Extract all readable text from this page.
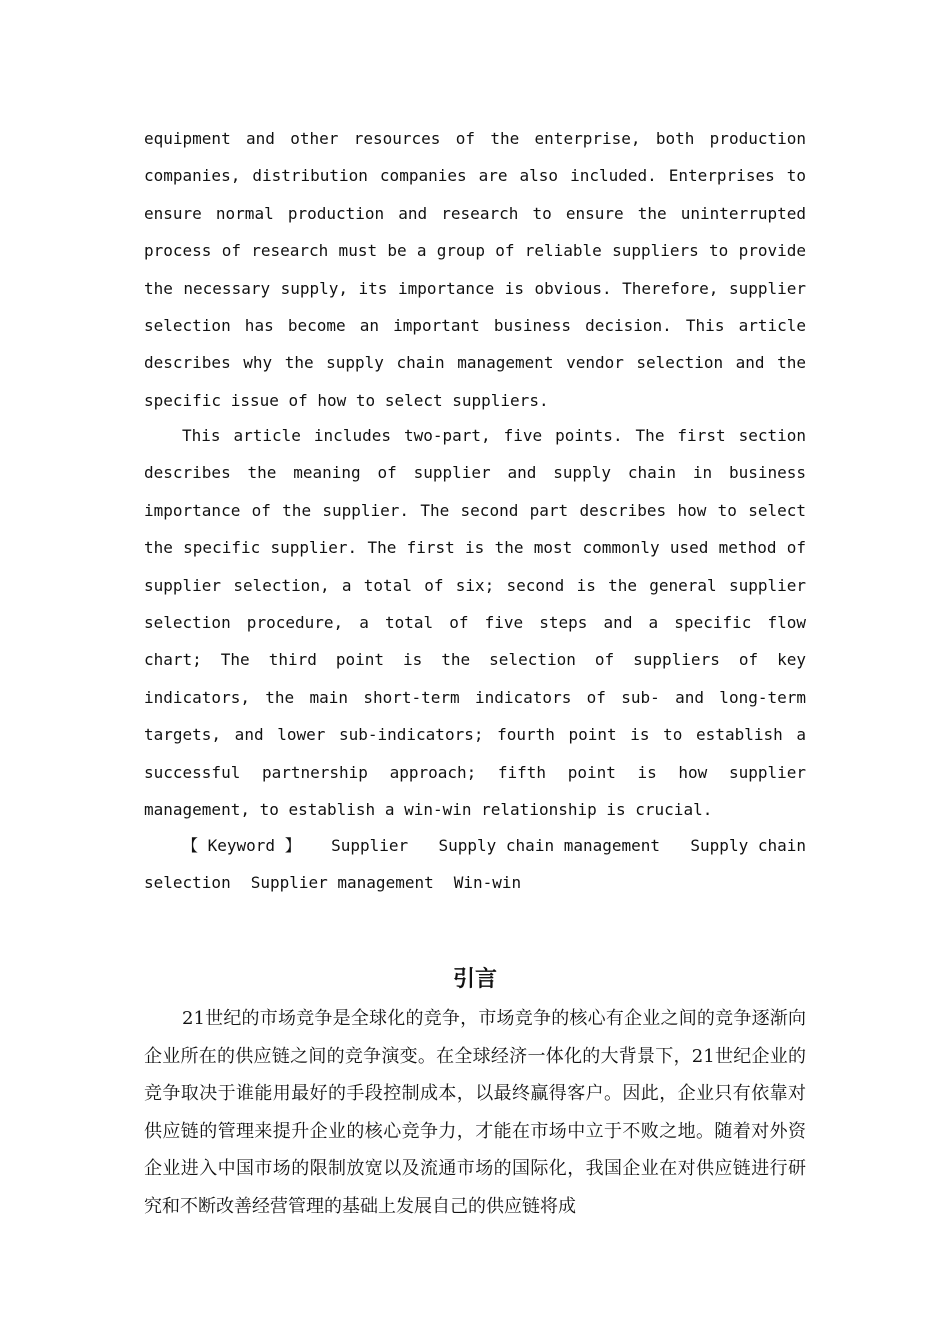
equipment and other resources of the enterprise, both production companies, distribution companies are also included. Enterprises to ensure normal production and research to ensure the uninterrupted process of research must be a group of reliable suppliers to provide the necessary supply, its importance is obvious. Therefore, supplier selection has become an important business decision. This article describes why the supply chain management vendor selection and the specific issue of how to select suppliers.

This article includes two-part, five points. The first section describes the meaning of supplier and supply chain in business importance of the supplier. The second part describes how to select the specific supplier. The first is the most commonly used method of supplier selection, a total of six; second is the general supplier selection procedure, a total of five steps and a specific flow chart; The third point is the selection of suppliers of key indicators, the main short-term indicators of sub- and long-term targets, and lower sub-indicators; fourth point is to establish a successful partnership approach; fifth point is how supplier management, to establish a win-win relationship is crucial.

【 Keyword 】 Supplier Supply chain management Supply chain
selection Supplier management Win-win
引言

21世纪的市场竞争是全球化的竞争，市场竞争的核心有企业之间的竞争逐渐向企业所在的供应链之间的竞争演变。在全球经济一体化的大背景下，21世纪企业的竞争取决于谁能用最好的手段控制成本，以最终赢得客户。因此，企业只有依靠对供应链的管理来提升企业的核心竞争力，才能在市场中立于不败之地。随着对外资企业进入中国市场的限制放宽以及流通市场的国际化，我国企业在对供应链进行研究和不断改善经营管理的基础上发展自己的供应链将成
